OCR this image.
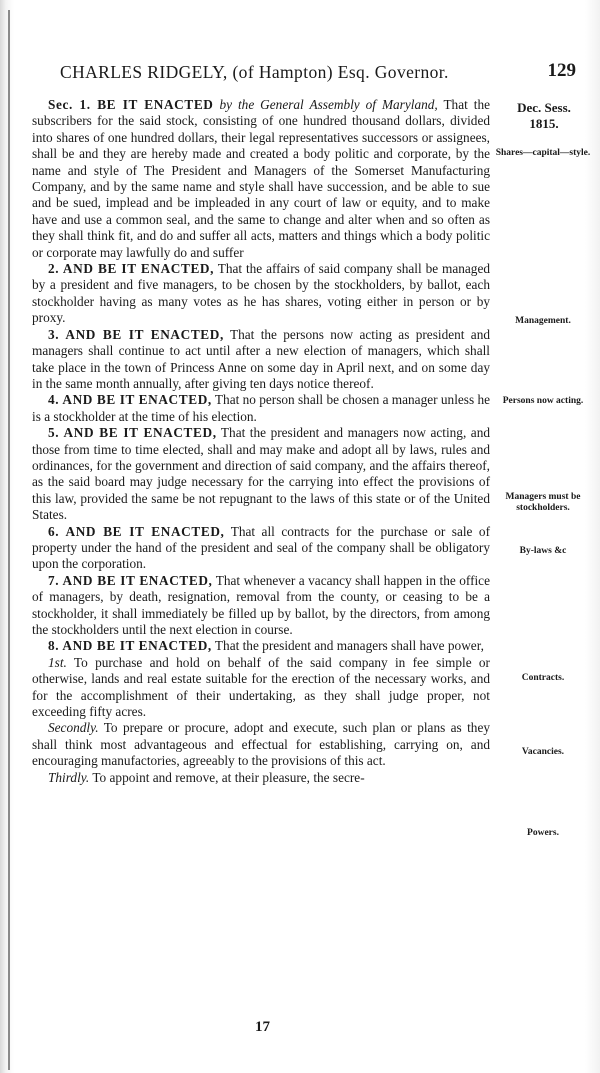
CHARLES RIDGELY, (of Hampton) Esq. Governor.	129
Dec. Sess.
1815.
Shares—capital—style.
Management.
Persons now acting.
Managers must be stockholders.
By-laws &c
Contracts.
Vacancies.
Powers.

Sec. 1. BE IT ENACTED by the General Assembly of Maryland, That the subscribers for the said stock, consisting of one hundred thousand dollars, divided into shares of one hundred dollars, their legal representatives successors or assignees, shall be and they are hereby made and created a body politic and corporate, by the name and style of The President and Managers of the Somerset Manufacturing Company, and by the same name and style shall have succession, and be able to sue and be sued, implead and be impleaded in any court of law or equity, and to make have and use a common seal, and the same to change and alter when and so often as they shall think fit, and do and suffer all acts, matters and things which a body politic or corporate may lawfully do and suffer

2. AND BE IT ENACTED, That the affairs of said company shall be managed by a president and five managers, to be chosen by the stockholders, by ballot, each stockholder having as many votes as he has shares, voting either in person or by proxy.

3. AND BE IT ENACTED, That the persons now acting as president and managers shall continue to act until after a new election of managers, which shall take place in the town of Princess Anne on some day in April next, and on some day in the same month annually, after giving ten days notice thereof.

4. AND BE IT ENACTED, That no person shall be chosen a manager unless he is a stockholder at the time of his election.

5. AND BE IT ENACTED, That the president and managers now acting, and those from time to time elected, shall and may make and adopt all by laws, rules and ordinances, for the government and direction of said company, and the affairs thereof, as the said board may judge necessary for the carrying into effect the provisions of this law, provided the same be not repugnant to the laws of this state or of the United States.

6. AND BE IT ENACTED, That all contracts for the purchase or sale of property under the hand of the president and seal of the company shall be obligatory upon the corporation.

7. AND BE IT ENACTED, That whenever a vacancy shall happen in the office of managers, by death, resignation, removal from the county, or ceasing to be a stockholder, it shall immediately be filled up by ballot, by the directors, from among the stockholders until the next election in course.

8. AND BE IT ENACTED, That the president and managers shall have power,

1st. To purchase and hold on behalf of the said company in fee simple or otherwise, lands and real estate suitable for the erection of the necessary works, and for the accomplishment of their undertaking, as they shall judge proper, not exceeding fifty acres.

Secondly. To prepare or procure, adopt and execute, such plan or plans as they shall think most advantageous and effectual for establishing, carrying on, and encouraging manufactories, agreeably to the provisions of this act.

Thirdly. To appoint and remove, at their pleasure, the secre-

17
